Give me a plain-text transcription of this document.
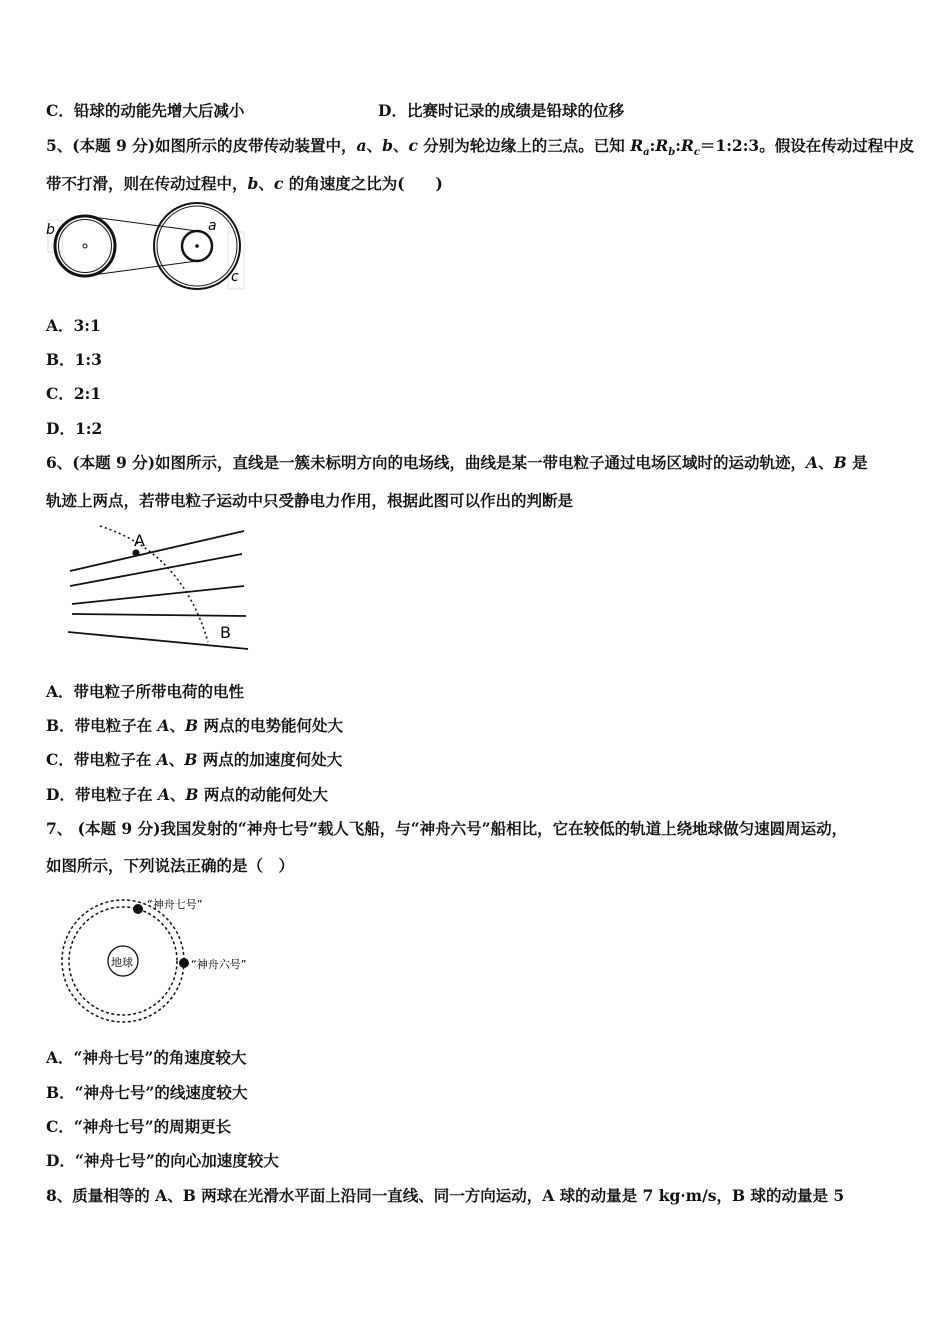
C．铅球的动能先增大后减小	D．比赛时记录的成绩是铅球的位移
5、(本题 9 分)如图所示的皮带传动装置中，a、b、c 分别为轮边缘上的三点。已知 $R_a:R_b:R_c=1:2:3$。假设在传动过程中皮
带不打滑，则在传动过程中，b、c 的角速度之比为(　　)
b	a
c
A．3:1
B．1:3
C．2:1
D．1:2
6、(本题 9 分)如图所示，直线是一簇未标明方向的电场线，曲线是某一带电粒子通过电场区域时的运动轨迹，A、B 是
轨迹上两点，若带电粒子运动中只受静电力作用，根据此图可以作出的判断是
A
B
A．带电粒子所带电荷的电性
B．带电粒子在 A、B 两点的电势能何处大
C．带电粒子在 A、B 两点的加速度何处大
D．带电粒子在 A、B 两点的动能何处大
7、 (本题 9 分)我国发射的“神舟七号”载人飞船，与“神舟六号”船相比，它在较低的轨道上绕地球做匀速圆周运动，
如图所示，下列说法正确的是（　）
地球
“神舟七号”
“神舟六号”
A．“神舟七号”的角速度较大
B．“神舟七号”的线速度较大
C．“神舟七号”的周期更长
D．“神舟七号”的向心加速度较大
8、质量相等的 A、B 两球在光滑水平面上沿同一直线、同一方向运动，A 球的动量是 7 kg·m/s，B 球的动量是 5
